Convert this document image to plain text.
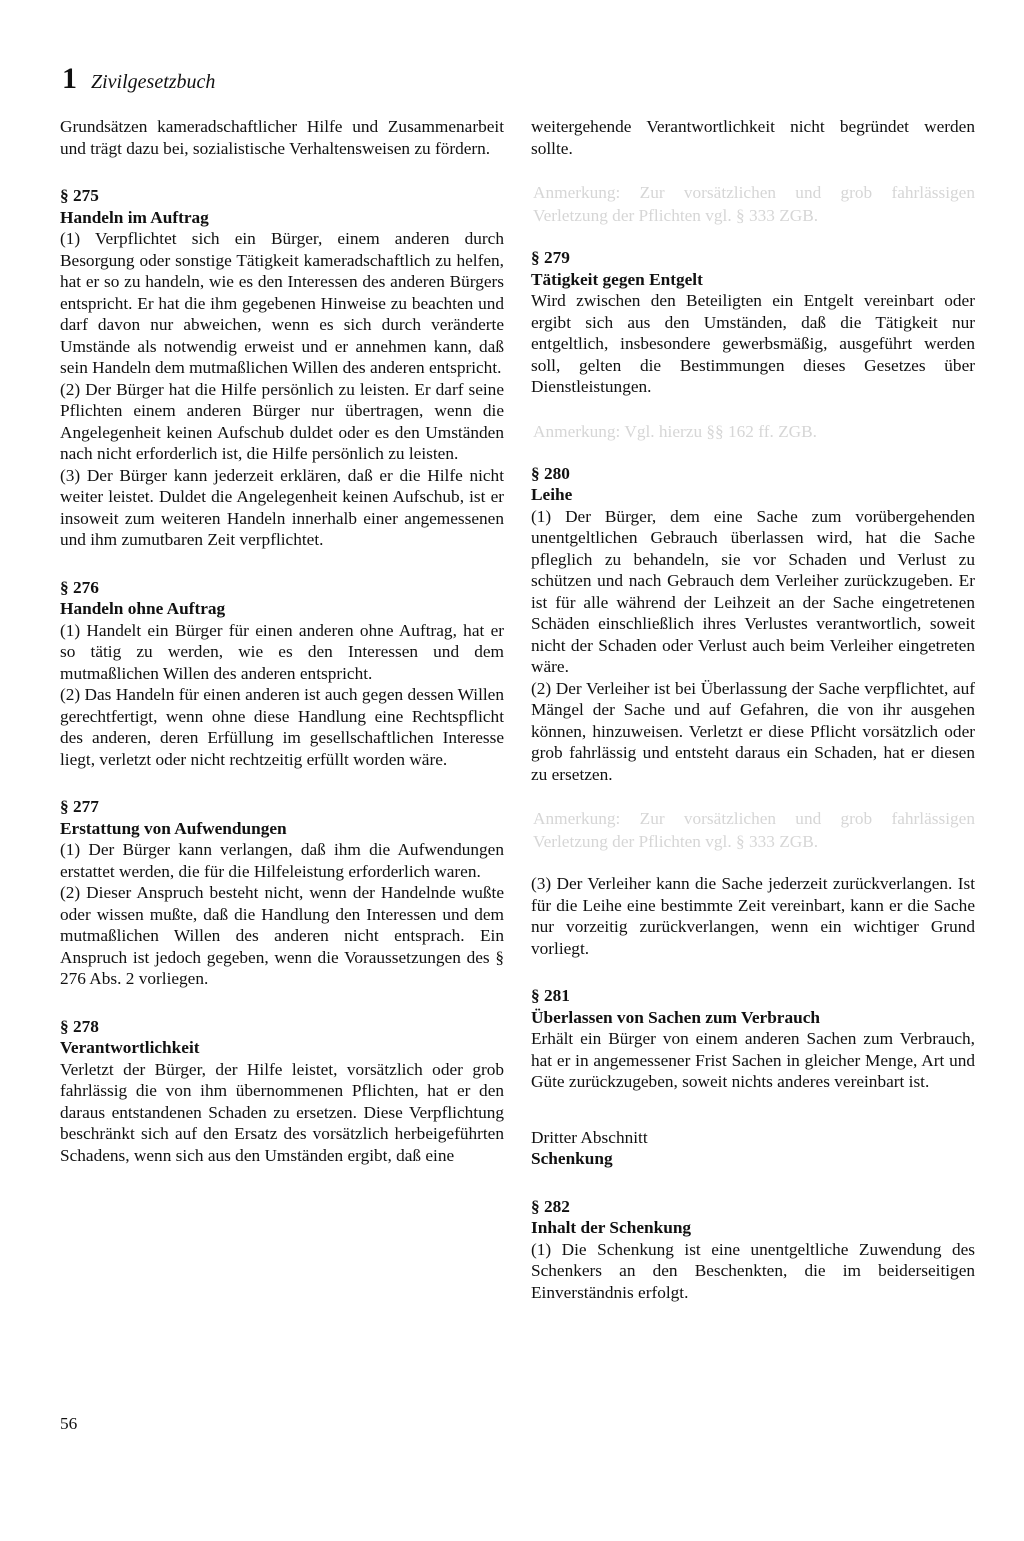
1 Zivilgesetzbuch

Grundsätzen kameradschaftlicher Hilfe und Zusammenarbeit und trägt dazu bei, sozialistische Verhaltensweisen zu fördern.

§ 275

Handeln im Auftrag

(1) Verpflichtet sich ein Bürger, einem anderen durch Besorgung oder sonstige Tätigkeit kameradschaftlich zu helfen, hat er so zu handeln, wie es den Interessen des anderen Bürgers entspricht. Er hat die ihm gegebenen Hinweise zu beachten und darf davon nur abweichen, wenn es sich durch veränderte Umstände als notwendig erweist und er annehmen kann, daß sein Handeln dem mutmaßlichen Willen des anderen entspricht.

(2) Der Bürger hat die Hilfe persönlich zu leisten. Er darf seine Pflichten einem anderen Bürger nur übertragen, wenn die Angelegenheit keinen Aufschub duldet oder es den Umständen nach nicht erforderlich ist, die Hilfe persönlich zu leisten.

(3) Der Bürger kann jederzeit erklären, daß er die Hilfe nicht weiter leistet. Duldet die Angelegenheit keinen Aufschub, ist er insoweit zum weiteren Handeln innerhalb einer angemessenen und ihm zumutbaren Zeit verpflichtet.

§ 276

Handeln ohne Auftrag

(1) Handelt ein Bürger für einen anderen ohne Auftrag, hat er so tätig zu werden, wie es den Interessen und dem mutmaßlichen Willen des anderen entspricht.

(2) Das Handeln für einen anderen ist auch gegen dessen Willen gerechtfertigt, wenn ohne diese Handlung eine Rechtspflicht des anderen, deren Erfüllung im gesellschaftlichen Interesse liegt, verletzt oder nicht rechtzeitig erfüllt worden wäre.

§ 277

Erstattung von Aufwendungen

(1) Der Bürger kann verlangen, daß ihm die Aufwendungen erstattet werden, die für die Hilfeleistung erforderlich waren.

(2) Dieser Anspruch besteht nicht, wenn der Handelnde wußte oder wissen mußte, daß die Handlung den Interessen und dem mutmaßlichen Willen des anderen nicht entsprach. Ein Anspruch ist jedoch gegeben, wenn die Voraussetzungen des § 276 Abs. 2 vorliegen.

§ 278

Verantwortlichkeit

Verletzt der Bürger, der Hilfe leistet, vorsätzlich oder grob fahrlässig die von ihm übernommenen Pflichten, hat er den daraus entstandenen Schaden zu ersetzen. Diese Verpflichtung beschränkt sich auf den Ersatz des vorsätzlich herbeigeführten Schadens, wenn sich aus den Umständen ergibt, daß eine

weitergehende Verantwortlichkeit nicht begründet werden sollte.

Anmerkung: Zur vorsätzlichen und grob fahrlässigen Verletzung der Pflichten vgl. § 333 ZGB.

§ 279

Tätigkeit gegen Entgelt

Wird zwischen den Beteiligten ein Entgelt vereinbart oder ergibt sich aus den Umständen, daß die Tätigkeit nur entgeltlich, insbesondere gewerbsmäßig, ausgeführt werden soll, gelten die Bestimmungen dieses Gesetzes über Dienstleistungen.

Anmerkung: Vgl. hierzu §§ 162 ff. ZGB.

§ 280

Leihe

(1) Der Bürger, dem eine Sache zum vorübergehenden unentgeltlichen Gebrauch überlassen wird, hat die Sache pfleglich zu behandeln, sie vor Schaden und Verlust zu schützen und nach Gebrauch dem Verleiher zurückzugeben. Er ist für alle während der Leihzeit an der Sache eingetretenen Schäden einschließlich ihres Verlustes verantwortlich, soweit nicht der Schaden oder Verlust auch beim Verleiher eingetreten wäre.

(2) Der Verleiher ist bei Überlassung der Sache verpflichtet, auf Mängel der Sache und auf Gefahren, die von ihr ausgehen können, hinzuweisen. Verletzt er diese Pflicht vorsätzlich oder grob fahrlässig und entsteht daraus ein Schaden, hat er diesen zu ersetzen.

Anmerkung: Zur vorsätzlichen und grob fahrlässigen Verletzung der Pflichten vgl. § 333 ZGB.

(3) Der Verleiher kann die Sache jederzeit zurückverlangen. Ist für die Leihe eine bestimmte Zeit vereinbart, kann er die Sache nur vorzeitig zurückverlangen, wenn ein wichtiger Grund vorliegt.

§ 281

Überlassen von Sachen zum Verbrauch

Erhält ein Bürger von einem anderen Sachen zum Verbrauch, hat er in angemessener Frist Sachen in gleicher Menge, Art und Güte zurückzugeben, soweit nichts anderes vereinbart ist.

Dritter Abschnitt

Schenkung

§ 282

Inhalt der Schenkung

(1) Die Schenkung ist eine unentgeltliche Zuwendung des Schenkers an den Beschenkten, die im beiderseitigen Einverständnis erfolgt.

56
